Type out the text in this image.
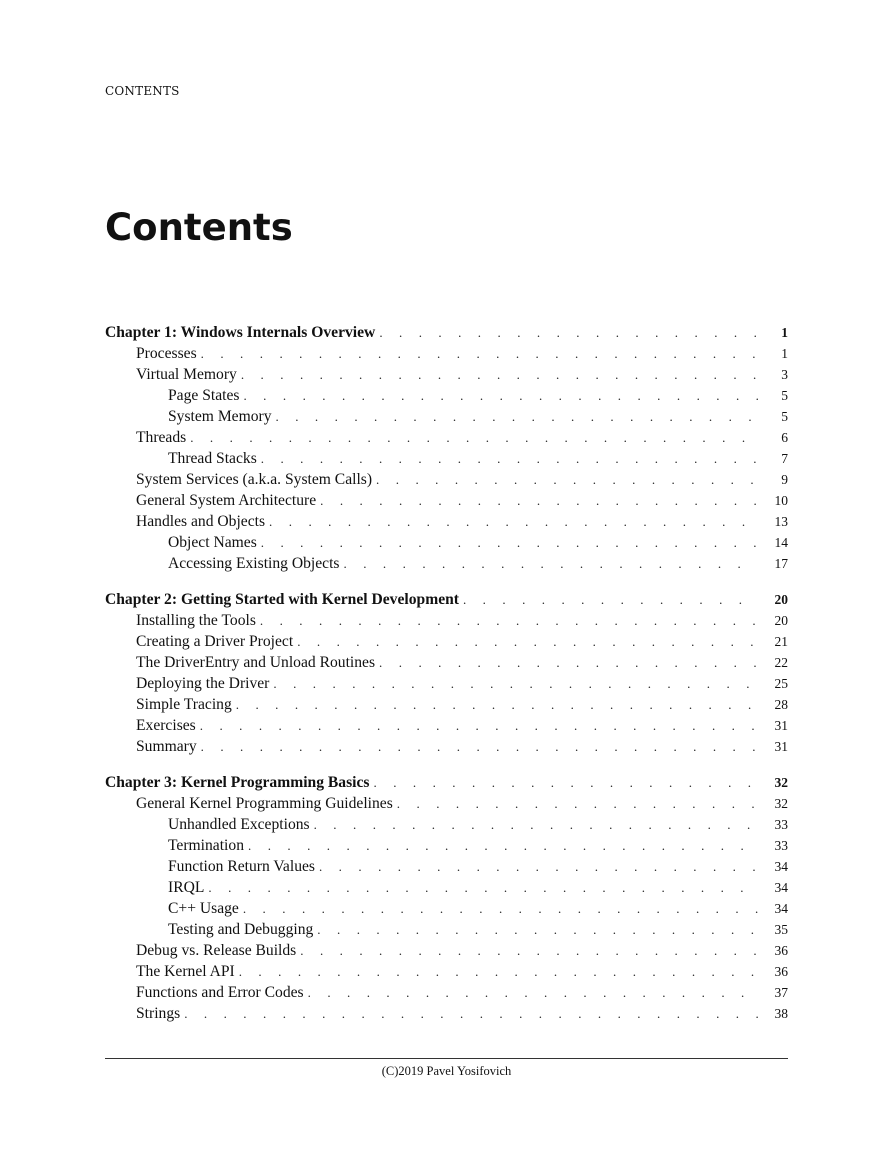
CONTENTS
Contents
Chapter 1: Windows Internals Overview . . .	1
Processes . . .	1
Virtual Memory . . .	3
Page States . . .	5
System Memory . . .	5
Threads . . .	6
Thread Stacks . . .	7
System Services (a.k.a. System Calls) . . .	9
General System Architecture . . .	10
Handles and Objects . . .	13
Object Names . . .	14
Accessing Existing Objects . . .	17
Chapter 2: Getting Started with Kernel Development . . .	20
Installing the Tools . . .	20
Creating a Driver Project . . .	21
The DriverEntry and Unload Routines . . .	22
Deploying the Driver . . .	25
Simple Tracing . . .	28
Exercises . . .	31
Summary . . .	31
Chapter 3: Kernel Programming Basics . . .	32
General Kernel Programming Guidelines . . .	32
Unhandled Exceptions . . .	33
Termination . . .	33
Function Return Values . . .	34
IRQL . . .	34
C++ Usage . . .	34
Testing and Debugging . . .	35
Debug vs. Release Builds . . .	36
The Kernel API . . .	36
Functions and Error Codes . . .	37
Strings . . .	38
(C)2019 Pavel Yosifovich
